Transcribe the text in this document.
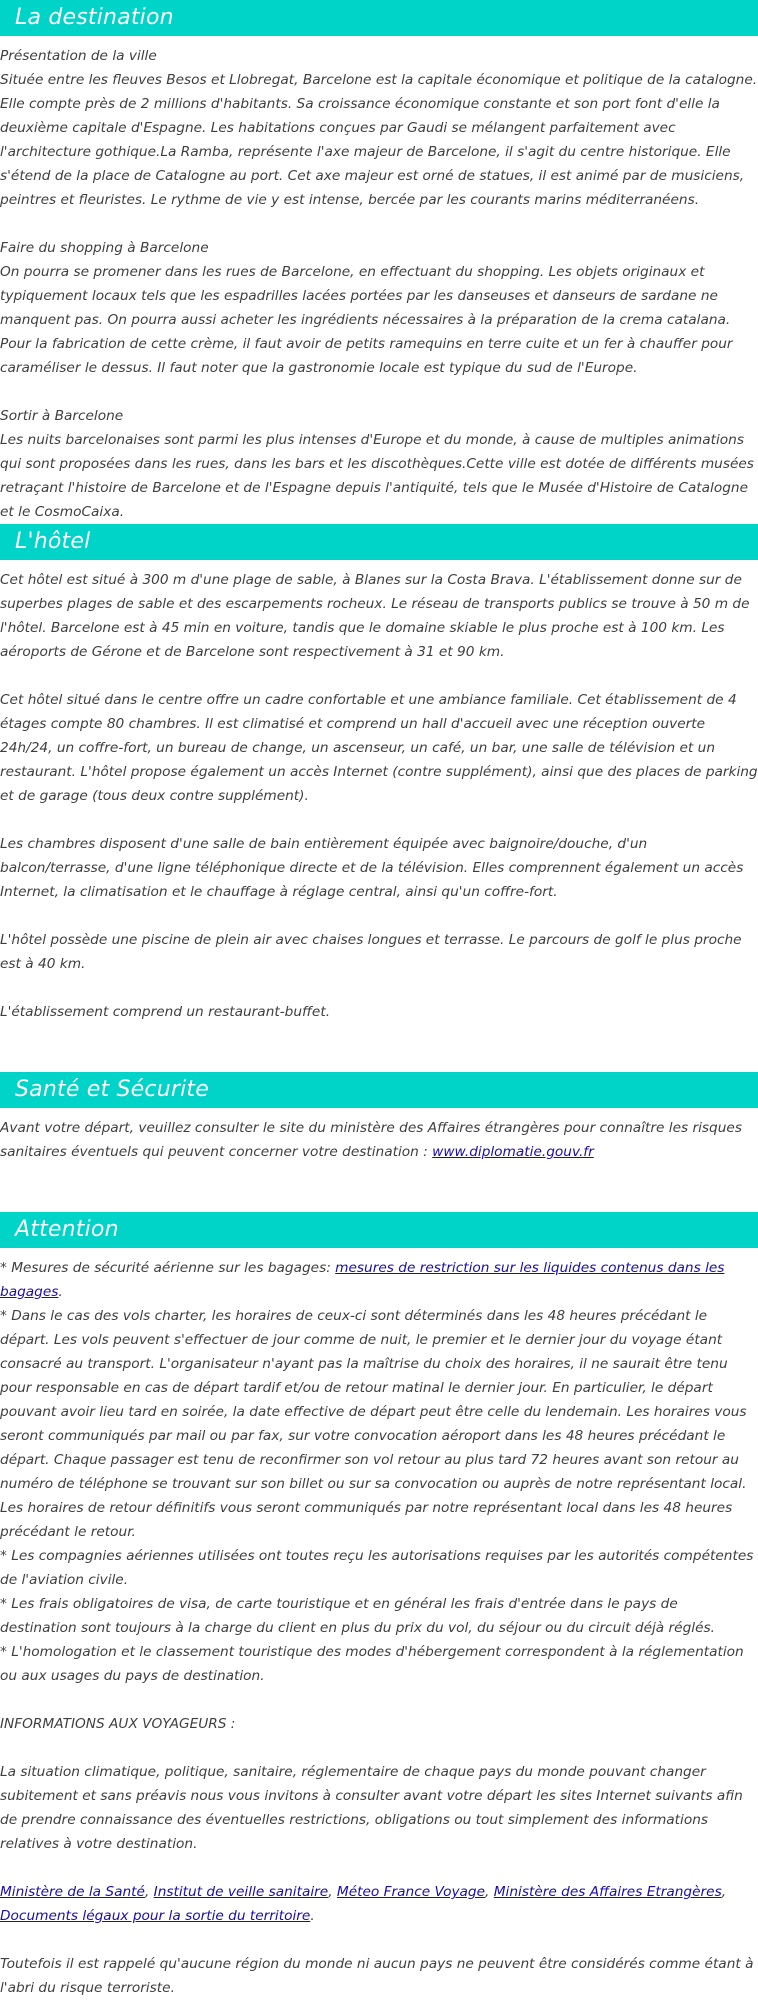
La destination

Présentation de la ville

Située entre les fleuves Besos et Llobregat, Barcelone est la capitale économique et politique de la catalogne. Elle compte près de 2 millions d'habitants. Sa croissance économique constante et son port font d'elle la deuxième capitale d'Espagne. Les habitations conçues par Gaudi se mélangent parfaitement avec l'architecture gothique.La Ramba, représente l'axe majeur de Barcelone, il s'agit du centre historique. Elle s'étend de la place de Catalogne au port. Cet axe majeur est orné de statues, il est animé par de musiciens, peintres et fleuristes. Le rythme de vie y est intense, bercée par les courants marins méditerranéens.

Faire du shopping à Barcelone

On pourra se promener dans les rues de Barcelone, en effectuant du shopping. Les objets originaux et typiquement locaux tels que les espadrilles lacées portées par les danseuses et danseurs de sardane ne manquent pas. On pourra aussi acheter les ingrédients nécessaires à la préparation de la crema catalana. Pour la fabrication de cette crème, il faut avoir de petits ramequins en terre cuite et un fer à chauffer pour caraméliser le dessus. Il faut noter que la gastronomie locale est typique du sud de l'Europe.

Sortir à Barcelone

Les nuits barcelonaises sont parmi les plus intenses d'Europe et du monde, à cause de multiples animations qui sont proposées dans les rues, dans les bars et les discothèques.Cette ville est dotée de différents musées retraçant l'histoire de Barcelone et de l'Espagne depuis l'antiquité, tels que le Musée d'Histoire de Catalogne et le CosmoCaixa.

L'hôtel

Cet hôtel est situé à 300 m d'une plage de sable, à Blanes sur la Costa Brava. L'établissement donne sur de superbes plages de sable et des escarpements rocheux. Le réseau de transports publics se trouve à 50 m de l'hôtel. Barcelone est à 45 min en voiture, tandis que le domaine skiable le plus proche est à 100 km. Les aéroports de Gérone et de Barcelone sont respectivement à 31 et 90 km.

Cet hôtel situé dans le centre offre un cadre confortable et une ambiance familiale. Cet établissement de 4 étages compte 80 chambres. Il est climatisé et comprend un hall d'accueil avec une réception ouverte 24h/24, un coffre-fort, un bureau de change, un ascenseur, un café, un bar, une salle de télévision et un restaurant. L'hôtel propose également un accès Internet (contre supplément), ainsi que des places de parking et de garage (tous deux contre supplément).

Les chambres disposent d'une salle de bain entièrement équipée avec baignoire/douche, d'un balcon/terrasse, d'une ligne téléphonique directe et de la télévision. Elles comprennent également un accès Internet, la climatisation et le chauffage à réglage central, ainsi qu'un coffre-fort.

L'hôtel possède une piscine de plein air avec chaises longues et terrasse. Le parcours de golf le plus proche est à 40 km.

L'établissement comprend un restaurant-buffet.

Santé et Sécurite

Avant votre départ, veuillez consulter le site du ministère des Affaires étrangères pour connaître les risques sanitaires éventuels qui peuvent concerner votre destination : www.diplomatie.gouv.fr

Attention

* Mesures de sécurité aérienne sur les bagages: mesures de restriction sur les liquides contenus dans les bagages.

* Dans le cas des vols charter, les horaires de ceux-ci sont déterminés dans les 48 heures précédant le départ. Les vols peuvent s'effectuer de jour comme de nuit, le premier et le dernier jour du voyage étant consacré au transport. L'organisateur n'ayant pas la maîtrise du choix des horaires, il ne saurait être tenu pour responsable en cas de départ tardif et/ou de retour matinal le dernier jour. En particulier, le départ pouvant avoir lieu tard en soirée, la date effective de départ peut être celle du lendemain. Les horaires vous seront communiqués par mail ou par fax, sur votre convocation aéroport dans les 48 heures précédant le départ. Chaque passager est tenu de reconfirmer son vol retour au plus tard 72 heures avant son retour au numéro de téléphone se trouvant sur son billet ou sur sa convocation ou auprès de notre représentant local. Les horaires de retour définitifs vous seront communiqués par notre représentant local dans les 48 heures précédant le retour.

* Les compagnies aériennes utilisées ont toutes reçu les autorisations requises par les autorités compétentes de l'aviation civile.

* Les frais obligatoires de visa, de carte touristique et en général les frais d'entrée dans le pays de destination sont toujours à la charge du client en plus du prix du vol, du séjour ou du circuit déjà réglés.

* L'homologation et le classement touristique des modes d'hébergement correspondent à la réglementation ou aux usages du pays de destination.

INFORMATIONS AUX VOYAGEURS :

La situation climatique, politique, sanitaire, réglementaire de chaque pays du monde pouvant changer subitement et sans préavis nous vous invitons à consulter avant votre départ les sites Internet suivants afin de prendre connaissance des éventuelles restrictions, obligations ou tout simplement des informations relatives à votre destination.

Ministère de la Santé, Institut de veille sanitaire, Méteo France Voyage, Ministère des Affaires Etrangères, Documents légaux pour la sortie du territoire.

Toutefois il est rappelé qu'aucune région du monde ni aucun pays ne peuvent être considérés comme étant à l'abri du risque terroriste.
